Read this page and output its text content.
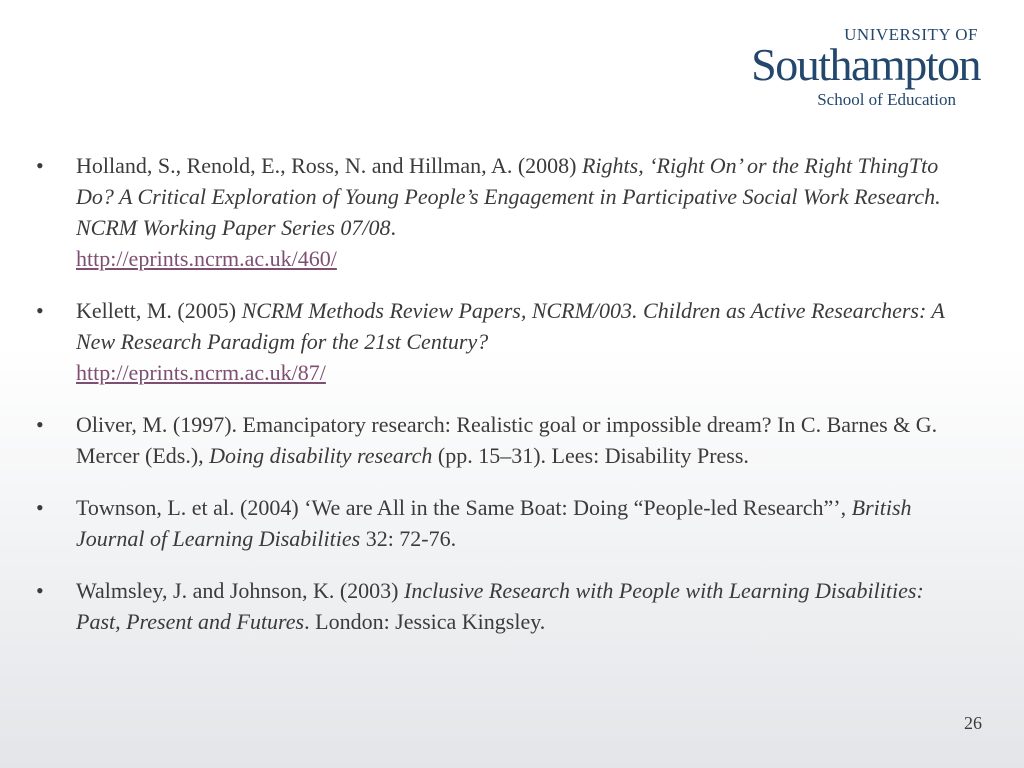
UNIVERSITY OF
Southampton
School of Education
• Holland, S., Renold, E., Ross, N. and Hillman, A. (2008) Rights, ‘Right On’ or the Right ThingTto Do? A Critical Exploration of Young People’s Engagement in Participative Social Work Research. NCRM Working Paper Series 07/08.
http://eprints.ncrm.ac.uk/460/
• Kellett, M. (2005) NCRM Methods Review Papers, NCRM/003. Children as Active Researchers: A New Research Paradigm for the 21st Century?
http://eprints.ncrm.ac.uk/87/
• Oliver, M. (1997). Emancipatory research: Realistic goal or impossible dream? In C. Barnes & G. Mercer (Eds.), Doing disability research (pp. 15–31). Lees: Disability Press.
• Townson, L. et al. (2004) ‘We are All in the Same Boat: Doing “People-led Research”’, British Journal of Learning Disabilities 32: 72-76.
• Walmsley, J. and Johnson, K. (2003) Inclusive Research with People with Learning Disabilities: Past, Present and Futures. London: Jessica Kingsley.
26
